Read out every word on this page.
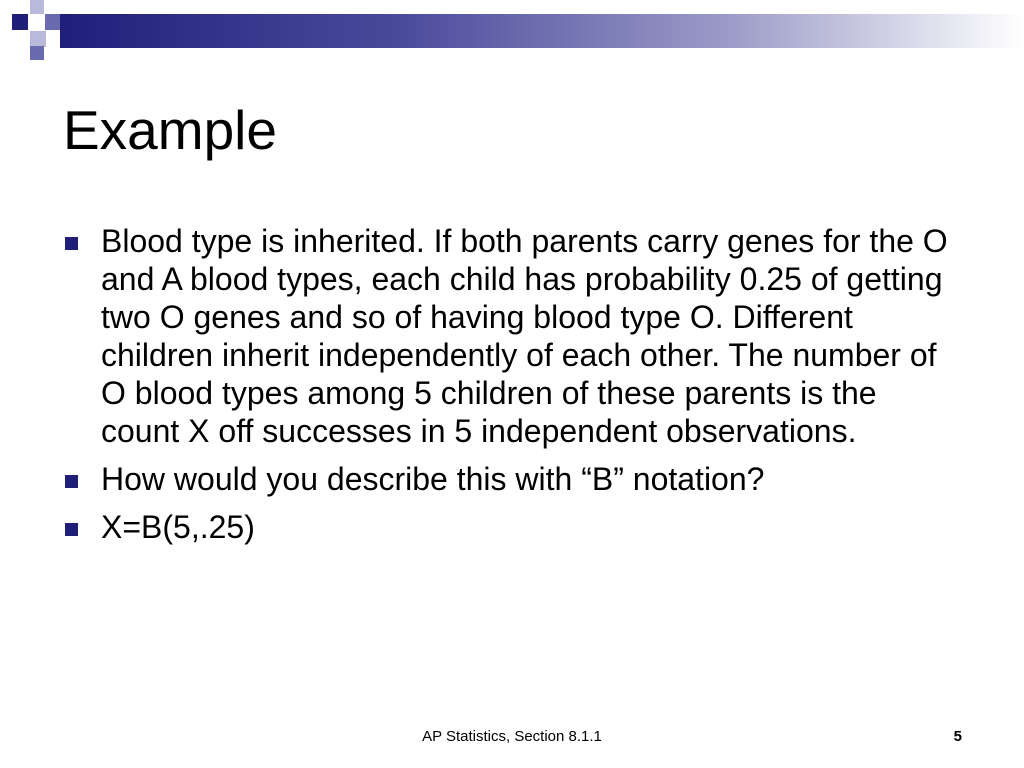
Example
Blood type is inherited. If both parents carry genes for the O and A blood types, each child has probability 0.25 of getting two O genes and so of having blood type O. Different children inherit independently of each other. The number of O blood types among 5 children of these parents is the count X off successes in 5 independent observations.
How would you describe this with “B” notation?
X=B(5,.25)
AP Statistics, Section 8.1.1	5
